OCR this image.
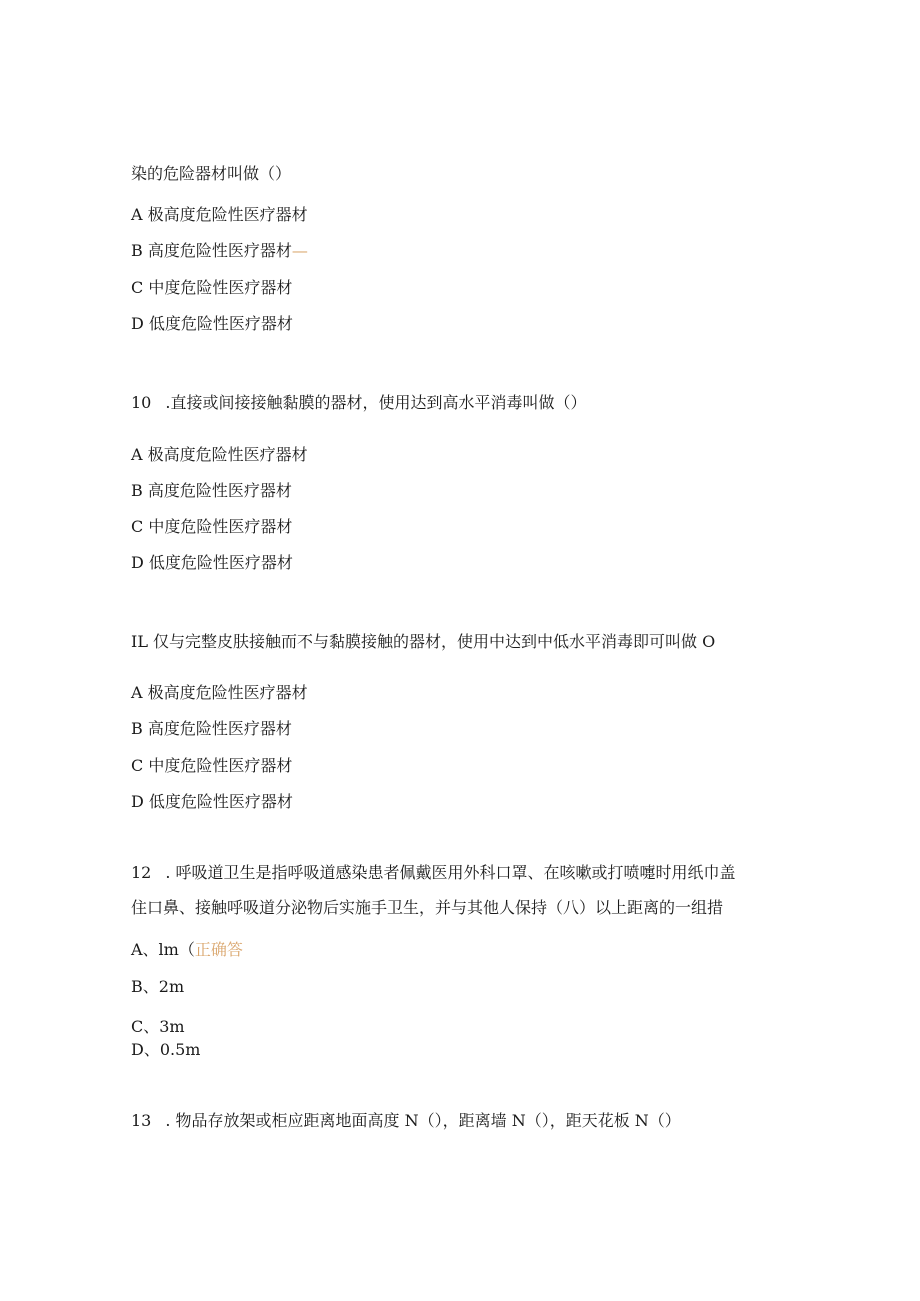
染的危险器材叫做（）
A 极高度危险性医疗器材
B 高度危险性医疗器材—
C 中度危险性医疗器材
D 低度危险性医疗器材
10 .直接或间接接触黏膜的器材，使用达到高水平消毒叫做（）
A 极高度危险性医疗器材
B 高度危险性医疗器材
C 中度危险性医疗器材
D 低度危险性医疗器材
IL 仅与完整皮肤接触而不与黏膜接触的器材，使用中达到中低水平消毒即可叫做 O
A 极高度危险性医疗器材
B 高度危险性医疗器材
C 中度危险性医疗器材
D 低度危险性医疗器材
12 . 呼吸道卫生是指呼吸道感染患者佩戴医用外科口罩、在咳嗽或打喷嚏时用纸巾盖
住口鼻、接触呼吸道分泌物后实施手卫生，并与其他人保持（八）以上距离的一组措
A、lm（正确答
B、2m
C、3m
D、0.5m
13 . 物品存放架或柜应距离地面高度 N（），距离墙 N（），距天花板 N（）
